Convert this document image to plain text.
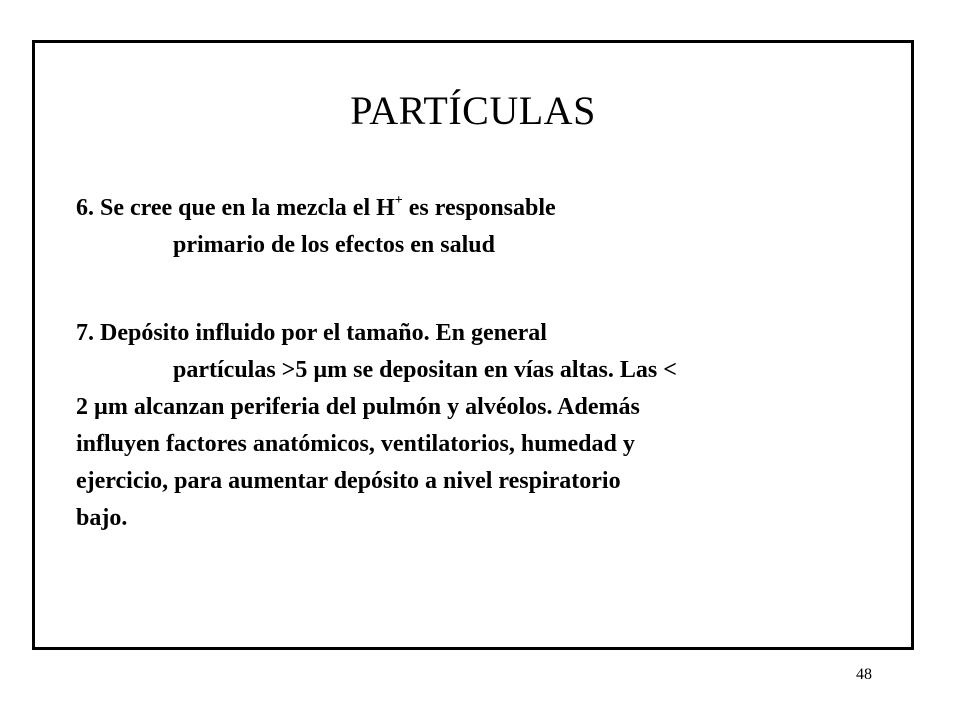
PARTÍCULAS

6. Se cree que en la mezcla el H+ es responsable
primario de los efectos en salud

7. Depósito influido por el tamaño. En general
partículas >5 µm se depositan en vías altas. Las <
2 µm alcanzan periferia del pulmón y alvéolos. Además
influyen factores anatómicos, ventilatorios, humedad y
ejercicio, para aumentar depósito a nivel respiratorio
bajo.

48
